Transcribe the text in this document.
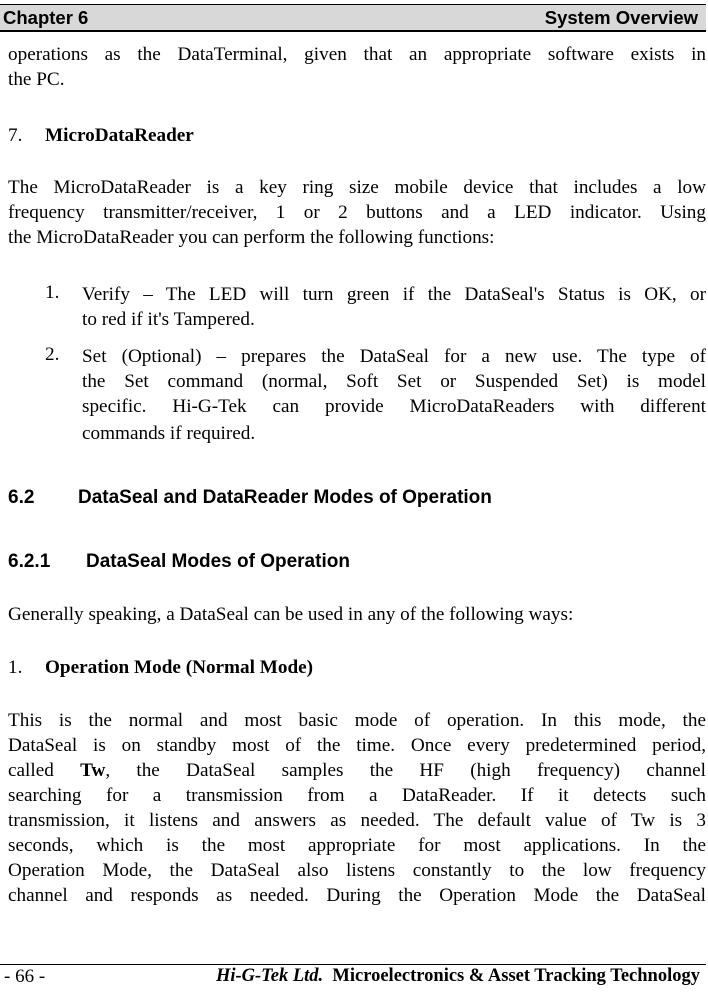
Chapter 6	System Overview
operations as the DataTerminal, given that an appropriate software exists in
the PC.
7. MicroDataReader
The MicroDataReader is a key ring size mobile device that includes a low
frequency transmitter/receiver, 1 or 2 buttons and a LED indicator. Using
the MicroDataReader you can perform the following functions:
1. Verify – The LED will turn green if the DataSeal's Status is OK, or
to red if it's Tampered.
2. Set (Optional) – prepares the DataSeal for a new use. The type of
the Set command (normal, Soft Set or Suspended Set) is model
specific. Hi-G-Tek can provide MicroDataReaders with different
commands if required.
6.2 DataSeal and DataReader Modes of Operation
6.2.1 DataSeal Modes of Operation
Generally speaking, a DataSeal can be used in any of the following ways:
1. Operation Mode (Normal Mode)
This is the normal and most basic mode of operation. In this mode, the
DataSeal is on standby most of the time. Once every predetermined period,
called Tw, the DataSeal samples the HF (high frequency) channel
searching for a transmission from a DataReader. If it detects such
transmission, it listens and answers as needed. The default value of Tw is 3
seconds, which is the most appropriate for most applications. In the
Operation Mode, the DataSeal also listens constantly to the low frequency
channel and responds as needed. During the Operation Mode the DataSeal
- 66 -	Hi-G-Tek Ltd. Microelectronics & Asset Tracking Technology
